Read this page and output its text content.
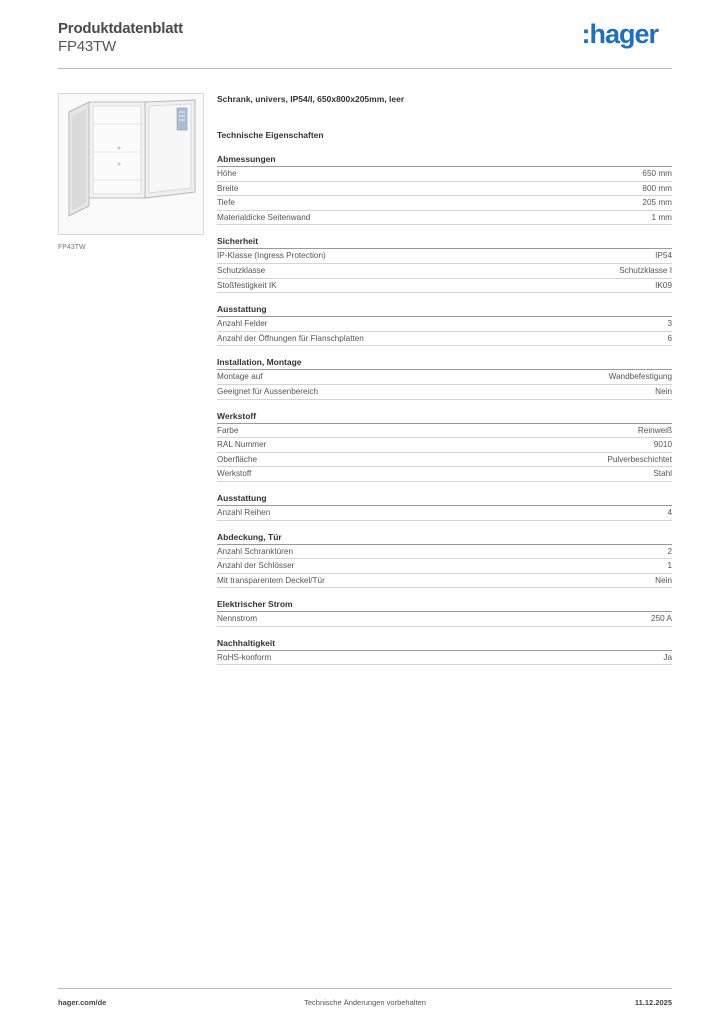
Produktdatenblatt
FP43TW	:hager
FP43TW
Schrank, univers, IP54/I, 650x800x205mm, leer
Technische Eigenschaften
Abmessungen
Höhe	650 mm
Breite	800 mm
Tiefe	205 mm
Materialdicke Seitenwand	1 mm
Sicherheit
IP-Klasse (Ingress Protection)	IP54
Schutzklasse	Schutzklasse I
Stoßfestigkeit IK	IK09
Ausstattung
Anzahl Felder	3
Anzahl der Öffnungen für Flanschplatten	6
Installation, Montage
Montage auf	Wandbefestigung
Geeignet für Aussenbereich	Nein
Werkstoff
Farbe	Reinweiß
RAL Nummer	9010
Oberfläche	Pulverbeschichtet
Werkstoff	Stahl
Ausstattung
Anzahl Reihen	4
Abdeckung, Tür
Anzahl Schranktüren	2
Anzahl der Schlösser	1
Mit transparentem Deckel/Tür	Nein
Elektrischer Strom
Nennstrom	250 A
Nachhaltigkeit
RoHS-konform	Ja
Technische Änderungen vorbehalten
hager.com/de	11.12.2025
